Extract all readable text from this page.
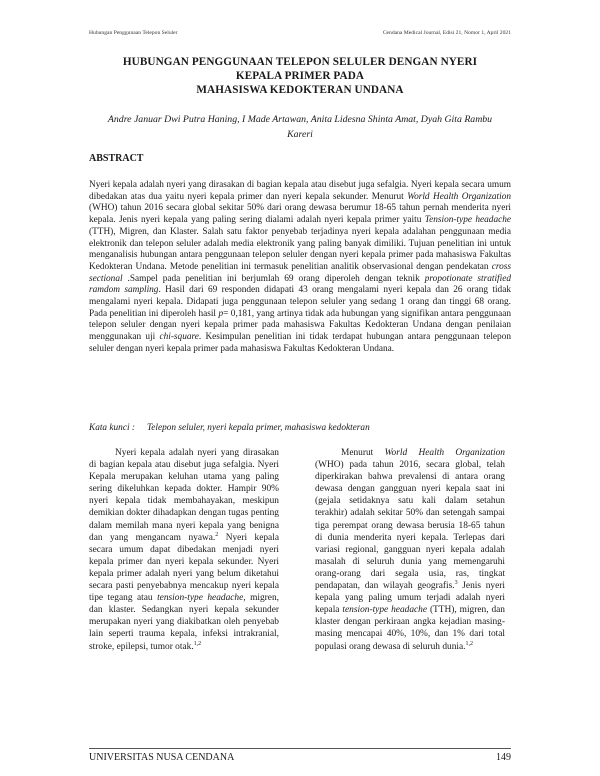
Hubungan Penggunaan Telepon Seluler	Cendana Medical Journal, Edisi 21, Nomor 1, April 2021
HUBUNGAN PENGGUNAAN TELEPON SELULER DENGAN NYERI
KEPALA PRIMER PADA
MAHASISWA KEDOKTERAN UNDANA
Andre Januar Dwi Putra Haning, I Made Artawan, Anita Lidesna Shinta Amat, Dyah Gita Rambu Kareri
ABSTRACT
Nyeri kepala adalah nyeri yang dirasakan di bagian kepala atau disebut juga sefalgia. Nyeri kepala secara umum dibedakan atas dua yaitu nyeri kepala primer dan nyeri kepala sekunder. Menurut World Health Organization (WHO) tahun 2016 secara global sekitar 50% dari orang dewasa berumur 18-65 tahun pernah menderita nyeri kepala. Jenis nyeri kepala yang paling sering dialami adalah nyeri kepala primer yaitu Tension-type headache (TTH), Migren, dan Klaster. Salah satu faktor penyebab terjadinya nyeri kepala adalahan penggunaan media elektronik dan telepon seluler adalah media elektronik yang paling banyak dimiliki. Tujuan penelitian ini untuk menganalisis hubungan antara penggunaan telepon seluler dengan nyeri kepala primer pada mahasiswa Fakultas Kedokteran Undana. Metode penelitian ini termasuk penelitian analitik observasional dengan pendekatan cross sectional .Sampel pada penelitian ini berjumlah 69 orang diperoleh dengan teknik propotionate stratified ramdom sampling. Hasil dari 69 responden didapati 43 orang mengalami nyeri kepala dan 26 orang tidak mengalami nyeri kepala. Didapati juga penggunaan telepon seluler yang sedang 1 orang dan tinggi 68 orang. Pada penelitian ini diperoleh hasil p= 0,181, yang artinya tidak ada hubungan yang signifikan antara penggunaan telepon seluler dengan nyeri kepala primer pada mahasiswa Fakultas Kedokteran Undana dengan penilaian menggunakan uji chi-square. Kesimpulan penelitian ini tidak terdapat hubungan antara penggunaan telepon seluler dengan nyeri kepala primer pada mahasiswa Fakultas Kedokteran Undana.
Kata kunci : Telepon seluler, nyeri kepala primer, mahasiswa kedokteran
Nyeri kepala adalah nyeri yang dirasakan di bagian kepala atau disebut juga sefalgia. Nyeri Kepala merupakan keluhan utama yang paling sering dikeluhkan kepada dokter. Hampir 90% nyeri kepala tidak membahayakan, meskipun demikian dokter dihadapkan dengan tugas penting dalam memilah mana nyeri kepala yang benigna dan yang mengancam nyawa.$^2$ Nyeri kepala secara umum dapat dibedakan menjadi nyeri kepala primer dan nyeri kepala sekunder. Nyeri kepala primer adalah nyeri yang belum diketahui secara pasti penyebabnya mencakup nyeri kepala tipe tegang atau tension-type headache, migren, dan klaster. Sedangkan nyeri kepala sekunder merupakan nyeri yang diakibatkan oleh penyebab lain seperti trauma kepala, infeksi intrakranial, stroke, epilepsi, tumor otak.$^{1,2}$
Menurut World Health Organization (WHO) pada tahun 2016, secara global, telah diperkirakan bahwa prevalensi di antara orang dewasa dengan gangguan nyeri kepala saat ini (gejala setidaknya satu kali dalam setahun terakhir) adalah sekitar 50% dan setengah sampai tiga perempat orang dewasa berusia 18-65 tahun di dunia menderita nyeri kepala. Terlepas dari variasi regional, gangguan nyeri kepala adalah masalah di seluruh dunia yang memengaruhi orang-orang dari segala usia, ras, tingkat pendapatan, dan wilayah geografis.$^3$ Jenis nyeri kepala yang paling umum terjadi adalah nyeri kepala tension-type headache (TTH), migren, dan klaster dengan perkiraan angka kejadian masing-masing mencapai 40%, 10%, dan 1% dari total populasi orang dewasa di seluruh dunia.$^{1,2}$
UNIVERSITAS NUSA CENDANA	149
